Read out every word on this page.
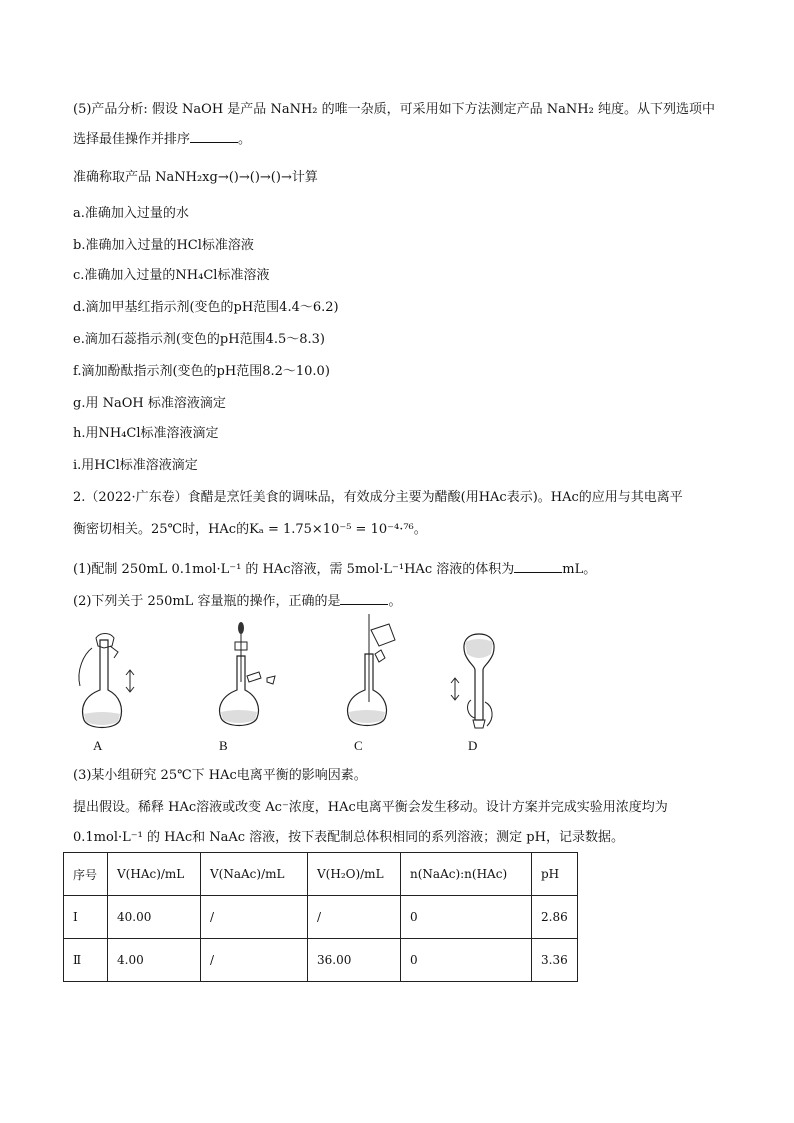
(5)产品分析: 假设 NaOH 是产品 NaNH₂ 的唯一杂质，可采用如下方法测定产品 NaNH₂ 纯度。从下列选项中
选择最佳操作并排序	。
准确称取产品 NaNH₂xg→()→()→()→计算
a.准确加入过量的水
b.准确加入过量的HCl标准溶液
c.准确加入过量的NH₄Cl标准溶液
d.滴加甲基红指示剂(变色的pH范围4.4～6.2)
e.滴加石蕊指示剂(变色的pH范围4.5～8.3)
f.滴加酚酞指示剂(变色的pH范围8.2～10.0)
g.用 NaOH 标准溶液滴定
h.用NH₄Cl标准溶液滴定
i.用HCl标准溶液滴定
2.（2022·广东卷）食醋是烹饪美食的调味品，有效成分主要为醋酸(用HAc表示)。HAc的应用与其电离平
衡密切相关。25℃时，HAc的Kₐ = 1.75×10⁻⁵ = 10⁻⁴·⁷⁶。
(1)配制 250mL 0.1mol·L⁻¹ 的 HAc溶液，需 5mol·L⁻¹HAc 溶液的体积为	mL。
(2)下列关于 250mL 容量瓶的操作，正确的是	。
A	B	C	D
(3)某小组研究 25℃下 HAc电离平衡的影响因素。
提出假设。稀释 HAc溶液或改变 Ac⁻浓度，HAc电离平衡会发生移动。设计方案并完成实验用浓度均为
0.1mol·L⁻¹ 的 HAc和 NaAc 溶液，按下表配制总体积相同的系列溶液；测定 pH，记录数据。
序号	V(HAc)/mL	V(NaAc)/mL	V(H₂O)/mL	n(NaAc):n(HAc)	pH
Ⅰ	40.00	/	/	0	2.86
Ⅱ	4.00	/	36.00	0	3.36
